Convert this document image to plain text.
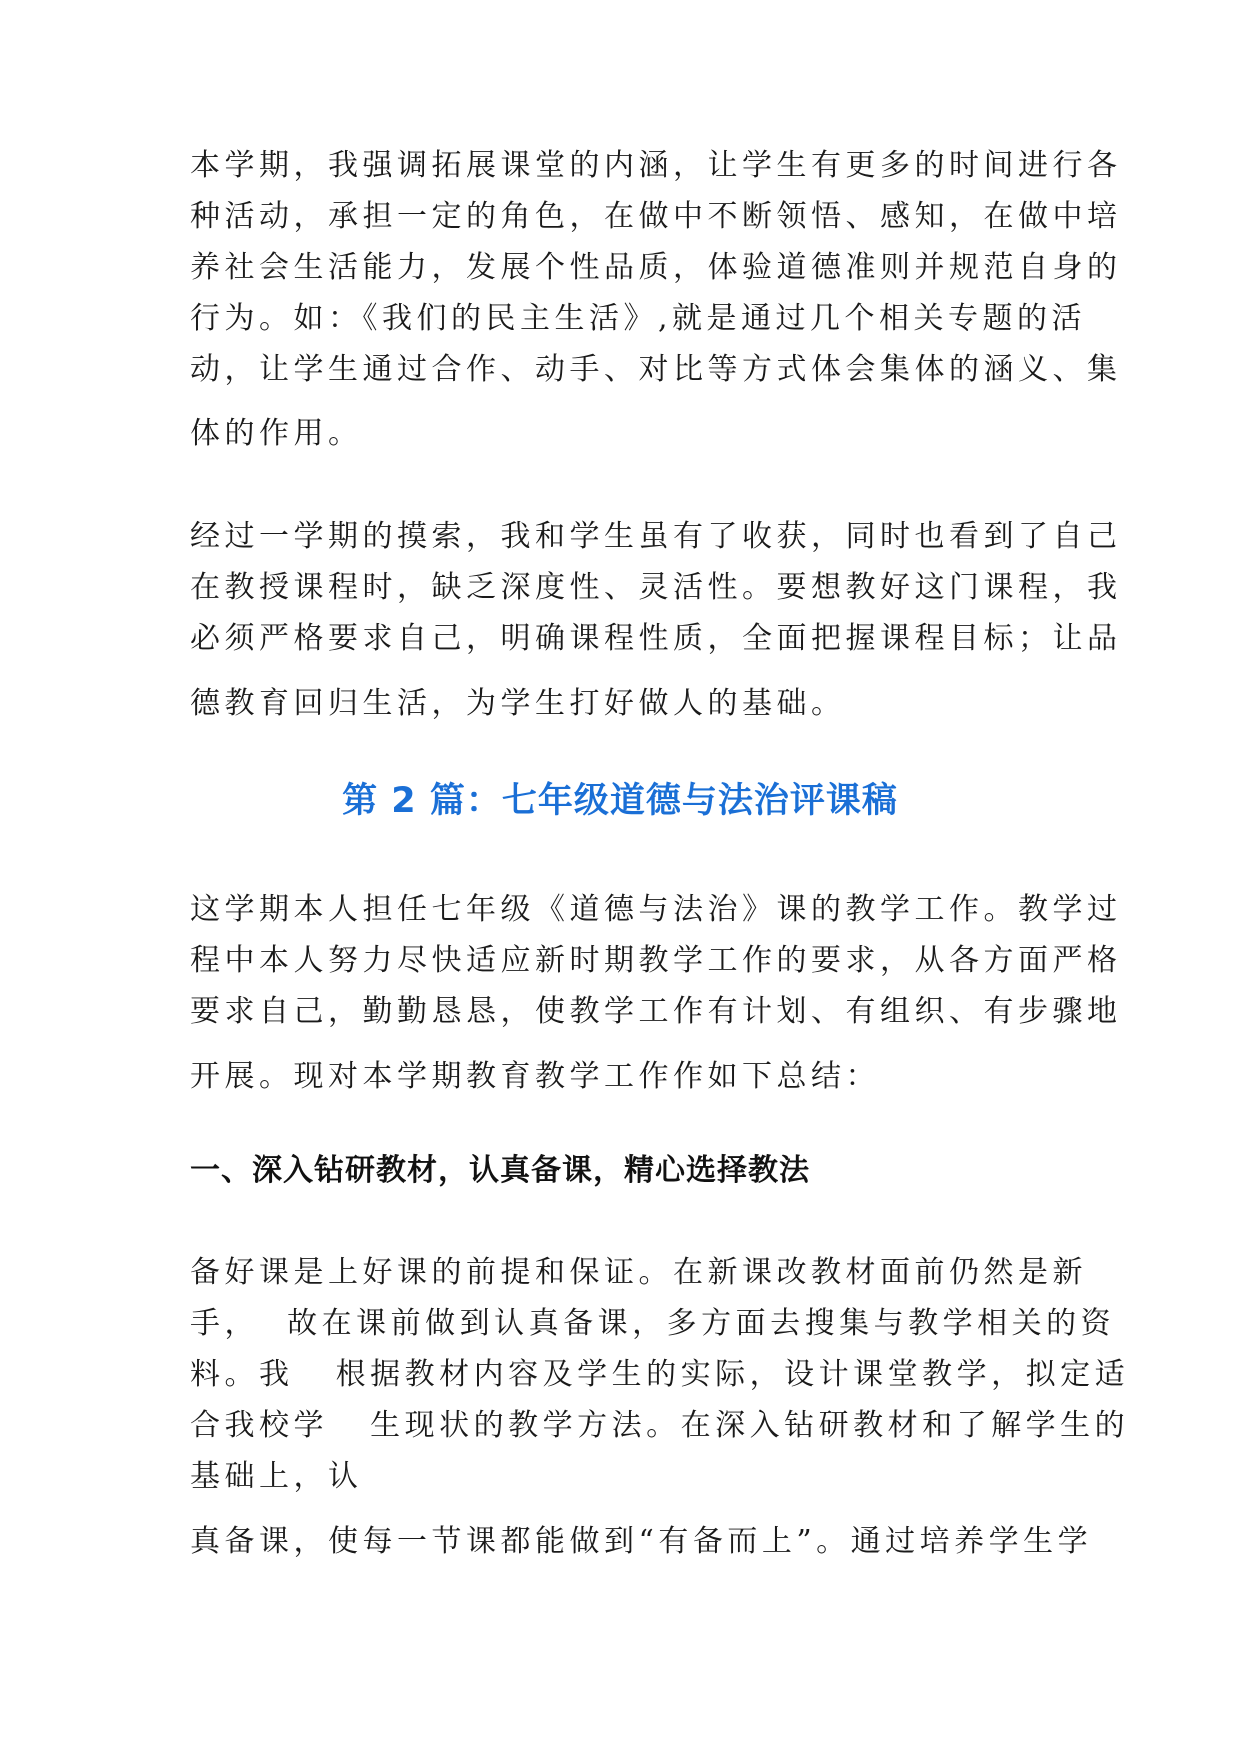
本学期，我强调拓展课堂的内涵，让学生有更多的时间进行各
种活动，承担一定的角色，在做中不断领悟、感知，在做中培
养社会生活能力，发展个性品质，体验道德准则并规范自身的
行为。如：《我们的民主生活》,就是通过几个相关专题的活
动，让学生通过合作、动手、对比等方式体会集体的涵义、集
体的作用。
经过一学期的摸索，我和学生虽有了收获，同时也看到了自己
在教授课程时，缺乏深度性、灵活性。要想教好这门课程，我
必须严格要求自己，明确课程性质，全面把握课程目标；让品
德教育回归生活，为学生打好做人的基础。
第 2 篇：七年级道德与法治评课稿
这学期本人担任七年级《道德与法治》课的教学工作。教学过
程中本人努力尽快适应新时期教学工作的要求，从各方面严格
要求自己，勤勤恳恳，使教学工作有计划、有组织、有步骤地
开展。现对本学期教育教学工作作如下总结：
一、深入钻研教材，认真备课，精心选择教法
备好课是上好课的前提和保证。在新课改教材面前仍然是新
手，  故在课前做到认真备课，多方面去搜集与教学相关的资
料。我   根据教材内容及学生的实际，设计课堂教学，拟定适
合我校学   生现状的教学方法。在深入钻研教材和了解学生的
基础上，认
真备课，使每一节课都能做到“有备而上”。通过培养学生学
